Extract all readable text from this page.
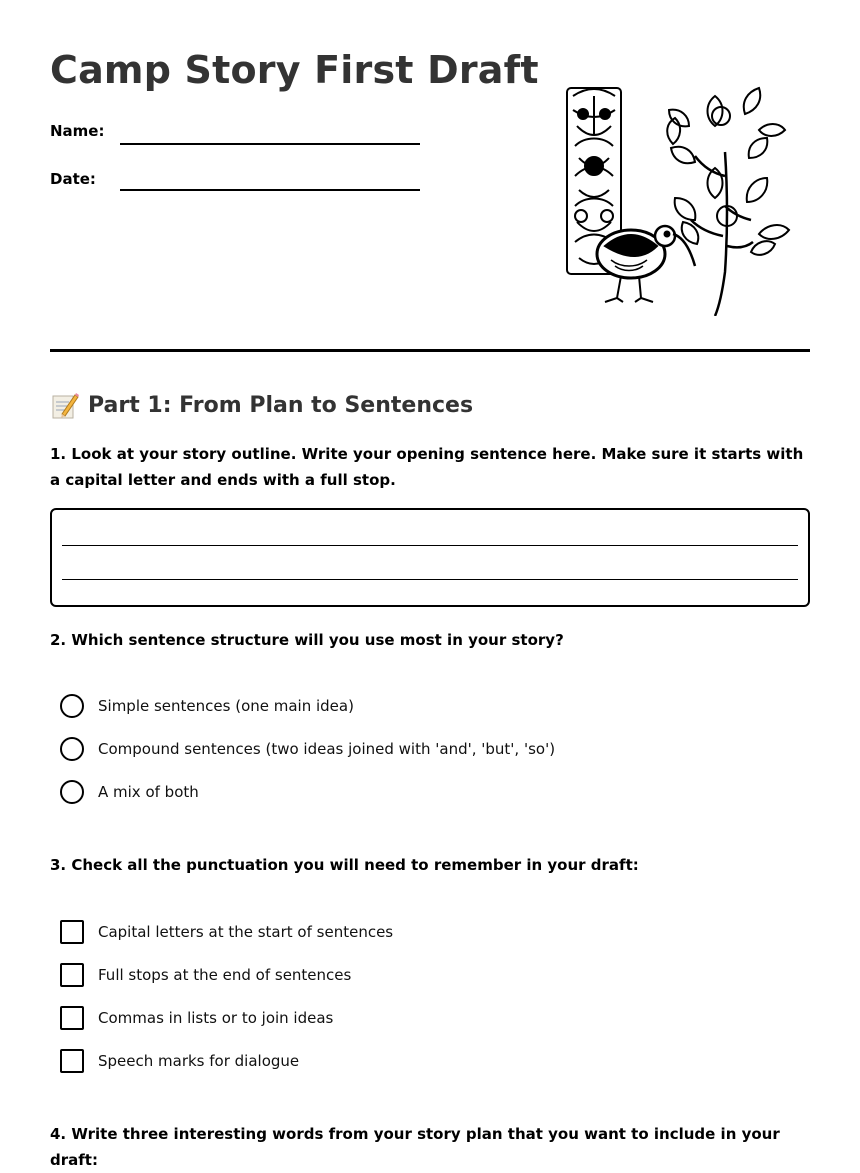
Camp Story First Draft
Name:
Date:
Part 1: From Plan to Sentences
1. Look at your story outline. Write your opening sentence here. Make sure it starts with a capital letter and ends with a full stop.
2. Which sentence structure will you use most in your story?
Simple sentences (one main idea)
Compound sentences (two ideas joined with 'and', 'but', 'so')
A mix of both
3. Check all the punctuation you will need to remember in your draft:
Capital letters at the start of sentences
Full stops at the end of sentences
Commas in lists or to join ideas
Speech marks for dialogue
4. Write three interesting words from your story plan that you want to include in your draft:
